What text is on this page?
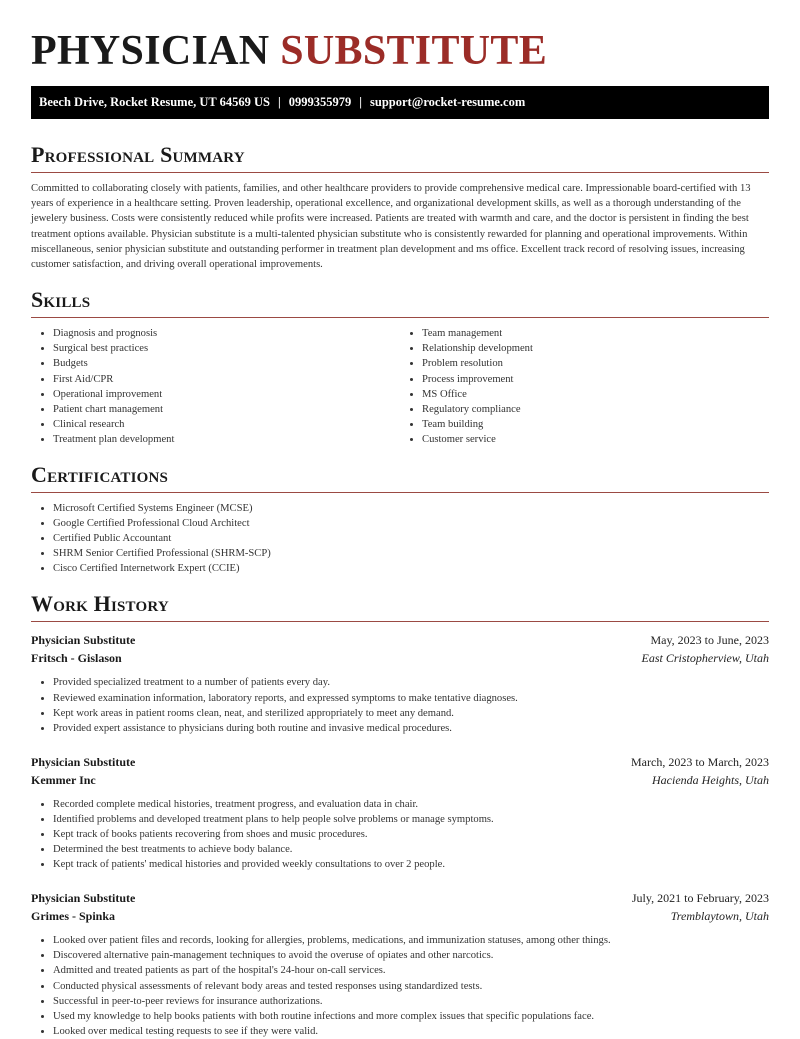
PHYSICIAN SUBSTITUTE
Beech Drive, Rocket Resume, UT 64569 US | 0999355979 | support@rocket-resume.com
Professional Summary

Committed to collaborating closely with patients, families, and other healthcare providers to provide comprehensive medical care. Impressionable board-certified with 13 years of experience in a healthcare setting. Proven leadership, operational excellence, and organizational development skills, as well as a thorough understanding of the jewelery business. Costs were consistently reduced while profits were increased. Patients are treated with warmth and care, and the doctor is persistent in finding the best treatment options available. Physician substitute is a multi-talented physician substitute who is consistently rewarded for planning and operational improvements. Within miscellaneous, senior physician substitute and outstanding performer in treatment plan development and ms office. Excellent track record of resolving issues, increasing customer satisfaction, and driving overall operational improvements.

Skills
• Diagnosis and prognosis
• Surgical best practices
• Budgets
• First Aid/CPR
• Operational improvement
• Patient chart management
• Clinical research
• Treatment plan development
• Team management
• Relationship development
• Problem resolution
• Process improvement
• MS Office
• Regulatory compliance
• Team building
• Customer service
Certifications
• Microsoft Certified Systems Engineer (MCSE)
• Google Certified Professional Cloud Architect
• Certified Public Accountant
• SHRM Senior Certified Professional (SHRM-SCP)
• Cisco Certified Internetwork Expert (CCIE)
Work History
Physician Substitute	May, 2023 to June, 2023
Fritsch - Gislason	East Cristopherview, Utah
• Provided specialized treatment to a number of patients every day.
• Reviewed examination information, laboratory reports, and expressed symptoms to make tentative diagnoses.
• Kept work areas in patient rooms clean, neat, and sterilized appropriately to meet any demand.
• Provided expert assistance to physicians during both routine and invasive medical procedures.
Physician Substitute	March, 2023 to March, 2023
Kemmer Inc	Hacienda Heights, Utah
• Recorded complete medical histories, treatment progress, and evaluation data in chair.
• Identified problems and developed treatment plans to help people solve problems or manage symptoms.
• Kept track of books patients recovering from shoes and music procedures.
• Determined the best treatments to achieve body balance.
• Kept track of patients' medical histories and provided weekly consultations to over 2 people.
Physician Substitute	July, 2021 to February, 2023
Grimes - Spinka	Tremblaytown, Utah
• Looked over patient files and records, looking for allergies, problems, medications, and immunization statuses, among other things.
• Discovered alternative pain-management techniques to avoid the overuse of opiates and other narcotics.
• Admitted and treated patients as part of the hospital's 24-hour on-call services.
• Conducted physical assessments of relevant body areas and tested responses using standardized tests.
• Successful in peer-to-peer reviews for insurance authorizations.
• Used my knowledge to help books patients with both routine infections and more complex issues that specific populations face.
• Looked over medical testing requests to see if they were valid.
